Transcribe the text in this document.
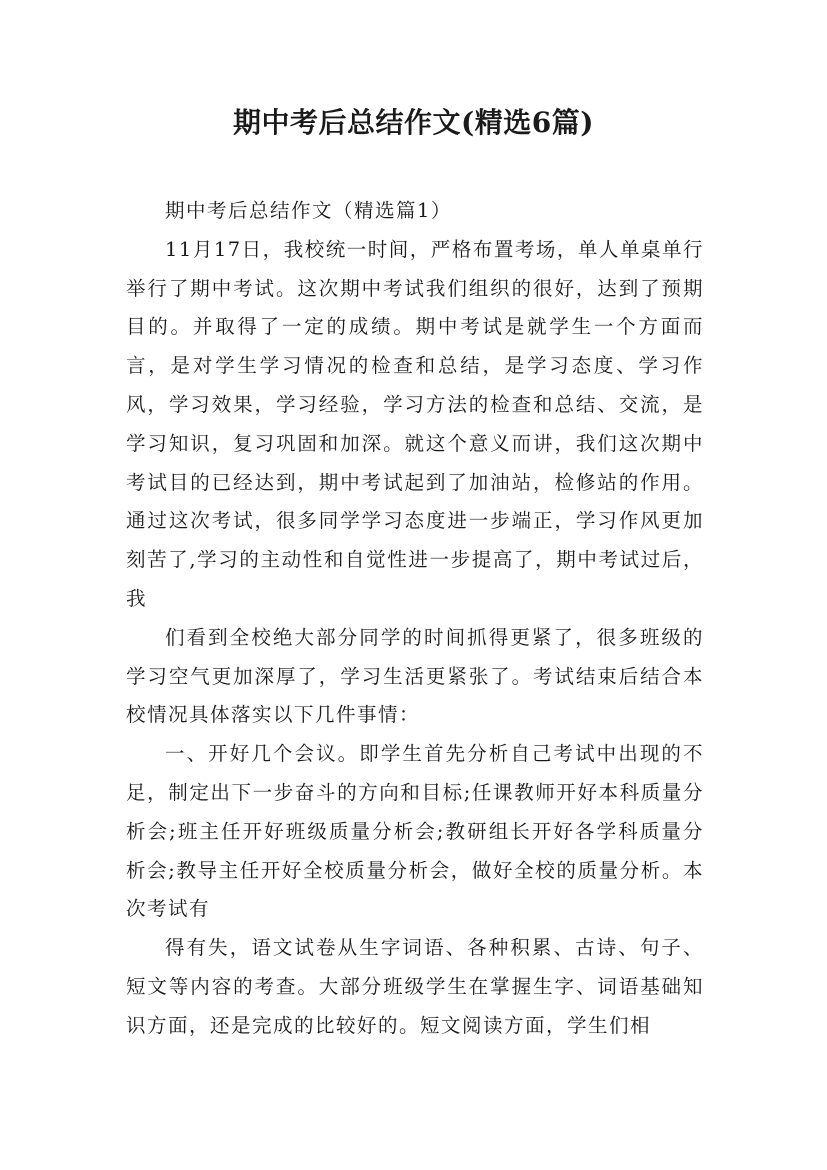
期中考后总结作文(精选6篇)

期中考后总结作文（精选篇1）

11月17日，我校统一时间，严格布置考场，单人单桌单行举行了期中考试。这次期中考试我们组织的很好，达到了预期目的。并取得了一定的成绩。期中考试是就学生一个方面而言，是对学生学习情况的检查和总结，是学习态度、学习作风，学习效果，学习经验，学习方法的检查和总结、交流，是学习知识，复习巩固和加深。就这个意义而讲，我们这次期中考试目的已经达到，期中考试起到了加油站，检修站的作用。通过这次考试，很多同学学习态度进一步端正，学习作风更加刻苦了,学习的主动性和自觉性进一步提高了，期中考试过后，我

们看到全校绝大部分同学的时间抓得更紧了，很多班级的学习空气更加深厚了，学习生活更紧张了。考试结束后结合本校情况具体落实以下几件事情：

一、开好几个会议。即学生首先分析自己考试中出现的不足，制定出下一步奋斗的方向和目标;任课教师开好本科质量分析会;班主任开好班级质量分析会;教研组长开好各学科质量分析会;教导主任开好全校质量分析会，做好全校的质量分析。本次考试有

得有失，语文试卷从生字词语、各种积累、古诗、句子、短文等内容的考查。大部分班级学生在掌握生字、词语基础知识方面，还是完成的比较好的。短文阅读方面，学生们相
